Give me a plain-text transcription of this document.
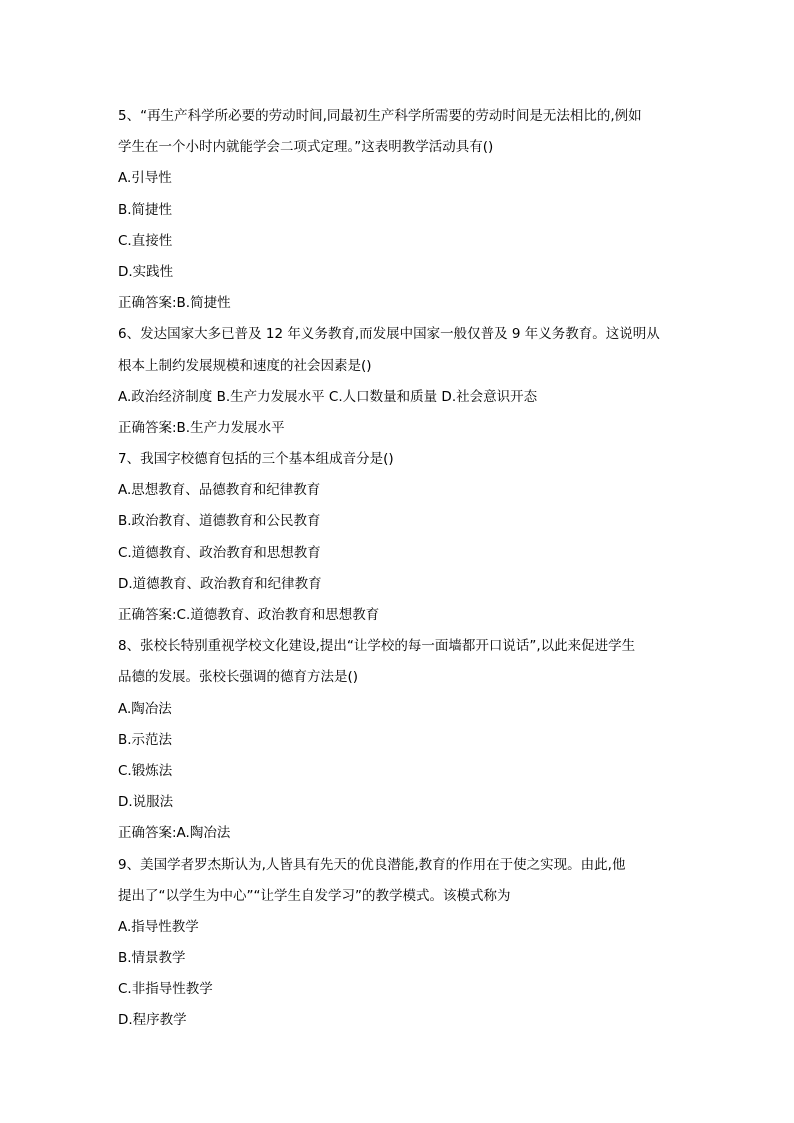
5、“再生产科学所必要的劳动时间,同最初生产科学所需要的劳动时间是无法相比的,例如
学生在一个小时内就能学会二项式定理。”这表明教学活动具有()
A.引导性
B.简捷性
C.直接性
D.实践性
正确答案:B.简捷性
6、发达国家大多已普及 12 年义务教育,而发展中国家一般仅普及 9 年义务教育。这说明从
根本上制约发展规模和速度的社会因素是()
A.政治经济制度 B.生产力发展水平 C.人口数量和质量 D.社会意识开态
正确答案:B.生产力发展水平
7、我国字校德育包括的三个基本组成音分是()
A.思想教育、品德教育和纪律教育
B.政治教育、道德教育和公民教育
C.道德教育、政治教育和思想教育
D.道德教育、政治教育和纪律教育
正确答案:C.道德教育、政治教育和思想教育
8、张校长特别重视学校文化建设,提出“让学校的每一面墙都开口说话”,以此来促进学生
品德的发展。张校长强调的德育方法是()
A.陶冶法
B.示范法
C.锻炼法
D.说服法
正确答案:A.陶冶法
9、美国学者罗杰斯认为,人皆具有先天的优良潜能,教育的作用在于使之实现。由此,他
提出了“以学生为中心”“让学生自发学习”的教学模式。该模式称为
A.指导性教学
B.情景教学
C.非指导性教学
D.程序教学
